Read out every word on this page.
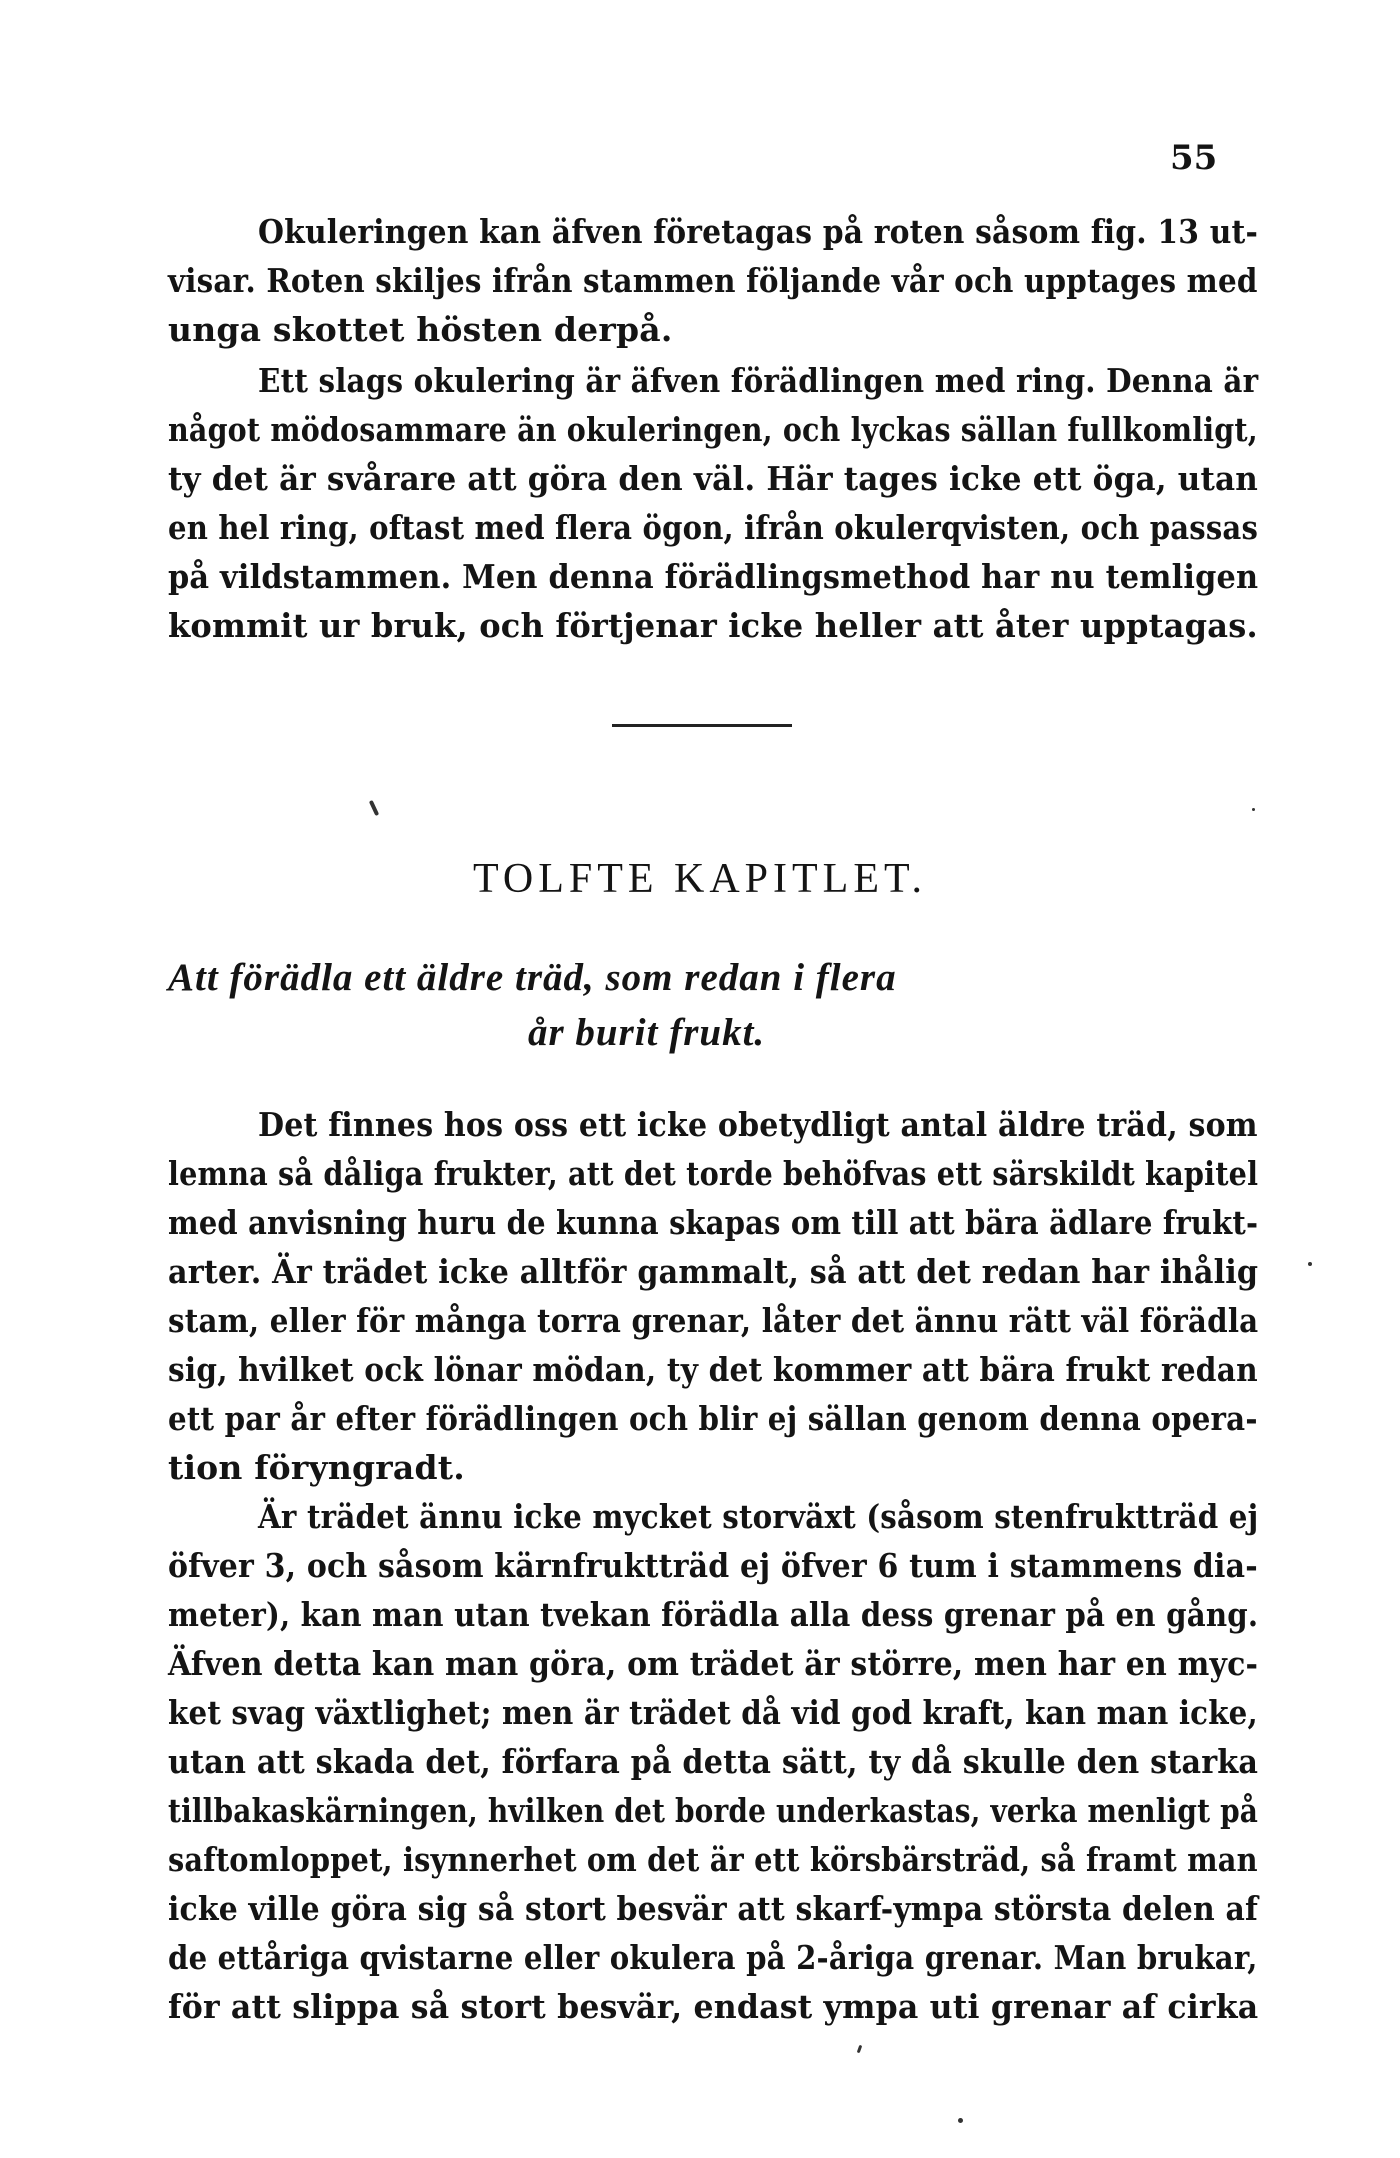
55
Okuleringen kan äfven företagas på roten såsom fig. 13 ut-
visar. Roten skiljes ifrån stammen följande vår och upptages med
unga skottet hösten derpå.
Ett slags okulering är äfven förädlingen med ring. Denna är
något mödosammare än okuleringen, och lyckas sällan fullkomligt,
ty det är svårare att göra den väl. Här tages icke ett öga, utan
en hel ring, oftast med flera ögon, ifrån okulerqvisten, och passas
på vildstammen. Men denna förädlingsmethod har nu temligen
kommit ur bruk, och förtjenar icke heller att åter upptagas.
TOLFTE KAPITLET.
Att förädla ett äldre träd, som redan i flera
år burit frukt.
Det finnes hos oss ett icke obetydligt antal äldre träd, som
lemna så dåliga frukter, att det torde behöfvas ett särskildt kapitel
med anvisning huru de kunna skapas om till att bära ädlare frukt-
arter. Är trädet icke alltför gammalt, så att det redan har ihålig
stam, eller för många torra grenar, låter det ännu rätt väl förädla
sig, hvilket ock lönar mödan, ty det kommer att bära frukt redan
ett par år efter förädlingen och blir ej sällan genom denna opera-
tion föryngradt.
Är trädet ännu icke mycket storväxt (såsom stenfruktträd ej
öfver 3, och såsom kärnfruktträd ej öfver 6 tum i stammens dia-
meter), kan man utan tvekan förädla alla dess grenar på en gång.
Äfven detta kan man göra, om trädet är större, men har en myc-
ket svag växtlighet; men är trädet då vid god kraft, kan man icke,
utan att skada det, förfara på detta sätt, ty då skulle den starka
tillbakaskärningen, hvilken det borde underkastas, verka menligt på
saftomloppet, isynnerhet om det är ett körsbärsträd, så framt man
icke ville göra sig så stort besvär att skarf-ympa största delen af
de ettåriga qvistarne eller okulera på 2-åriga grenar. Man brukar,
för att slippa så stort besvär, endast ympa uti grenar af cirka
